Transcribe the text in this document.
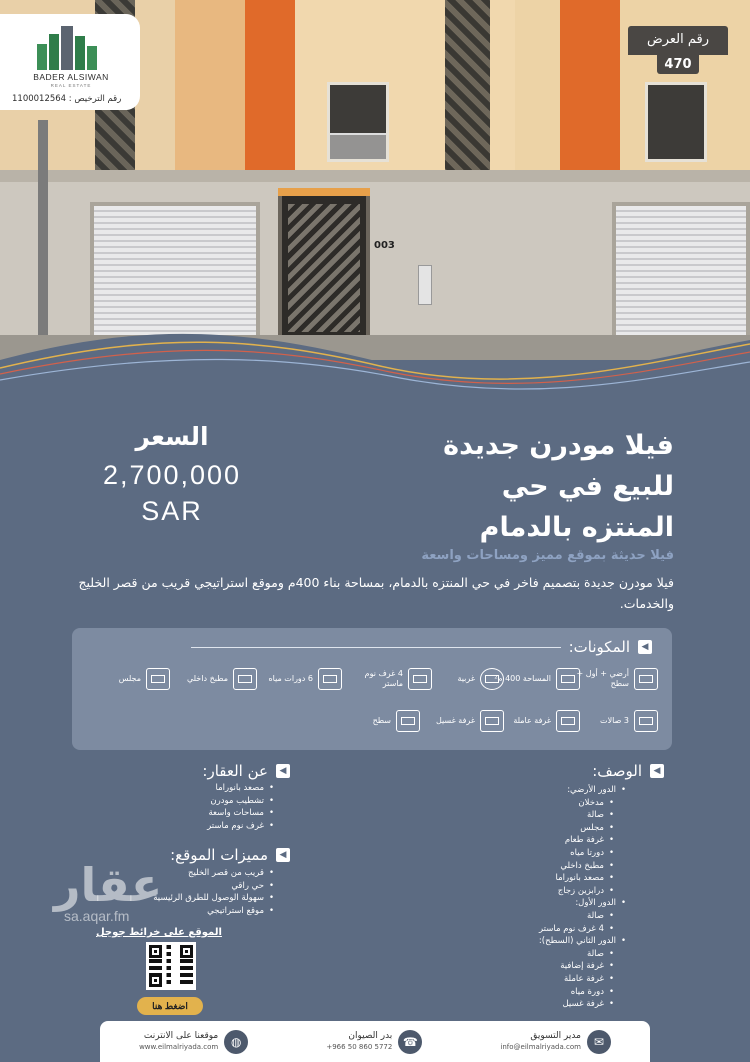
003
BADER ALSIWAN
REAL ESTATE
رقم الترخيص : 1100012564
رقم العرض
470
فيلا مودرن جديدة
للبيع في حي
المنتزه بالدمام
السعر
2,700,000
SAR
فيلا حديثة بموقع مميز ومساحات واسعة
فيلا مودرن جديدة بتصميم فاخر في حي المنتزه بالدمام، بمساحة بناء 400م وموقع استراتيجي قريب من قصر الخليج والخدمات.
◀
المكونات:
أرضي + أول + سطح
المساحة 400 م²
غربية
4 غرف نوم ماستر
6 دورات مياه
مطبخ داخلي
مجلس
3 صالات
غرفة عاملة
غرفة غسيل
سطح
◀
الوصف:
• الدور الأرضي:
• مدخلان
• صالة
• مجلس
• غرفة طعام
• دورتا مياه
• مطبخ داخلي
• مصعد بانوراما
• درابزين زجاج
• الدور الأول:
• صالة
• 4 غرف نوم ماستر
• الدور الثاني (السطح):
• صالة
• غرفة إضافية
• غرفة عاملة
• دورة مياه
• غرفة غسيل
◀
عن العقار:
• مصعد بانوراما
• تشطيب مودرن
• مساحات واسعة
• غرف نوم ماستر
◀
مميزات الموقع:
• قريب من قصر الخليج
• حي راقي
• سهولة الوصول للطرق الرئيسية
• موقع استراتيجي
عقار
sa.aqar.fm
الموقع على خرائط جوجل
اضغط هنا
✉
مدير التسويق
info@eilmalriyada.com
☎
بدر الصيوان
+966 50 860 5772
◍
موقعنا على الانترنت
www.eilmalriyada.com
